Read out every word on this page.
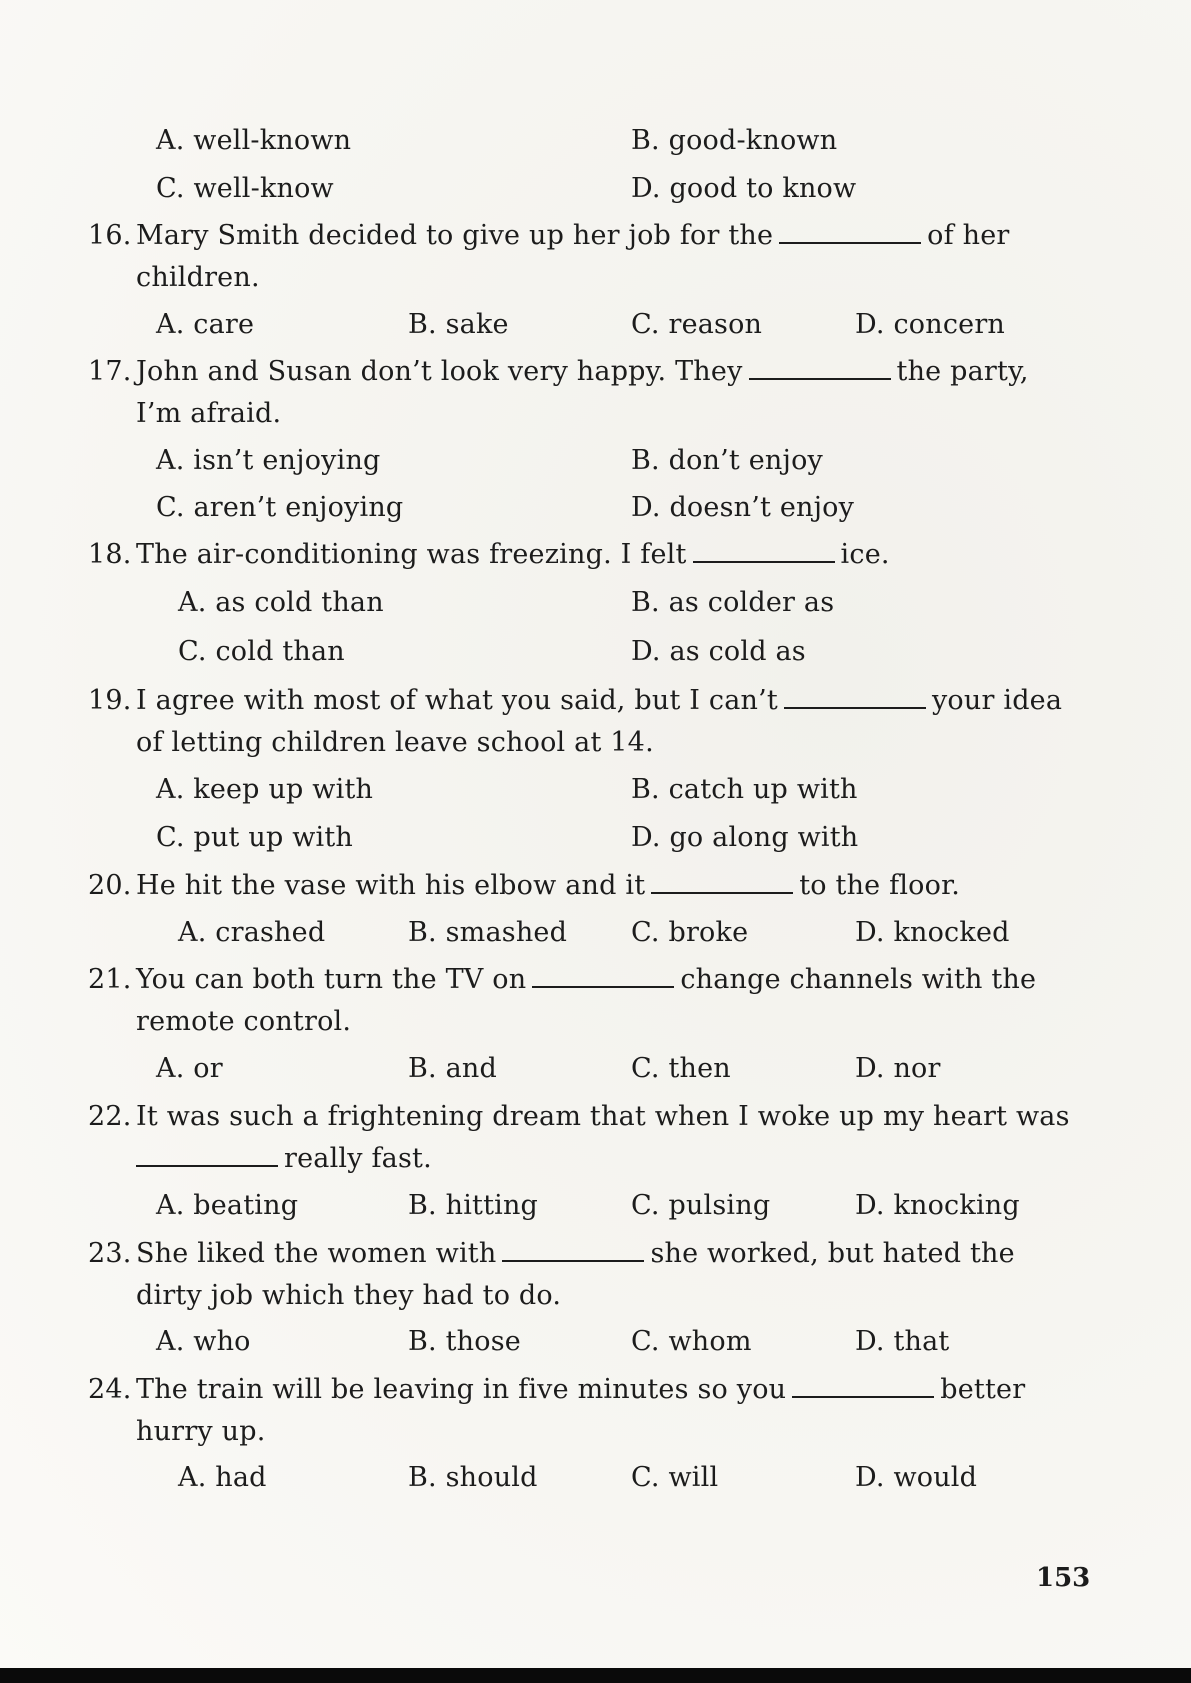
A. well-known	B. good-known
C. well-know	D. good to know
16. Mary Smith decided to give up her job for the	of her
children.
A. care	B. sake	C. reason	D. concern
17. John and Susan don’t look very happy. They	the party,
I’m afraid.
A. isn’t enjoying	B. don’t enjoy
C. aren’t enjoying	D. doesn’t enjoy
18. The air-conditioning was freezing. I felt	ice.
A. as cold than	B. as colder as
C. cold than	D. as cold as
19. I agree with most of what you said, but I can’t	your idea
of letting children leave school at 14.
A. keep up with	B. catch up with
C. put up with	D. go along with
20. He hit the vase with his elbow and it	to the floor.
A. crashed	B. smashed C. broke	D. knocked
21. You can both turn the TV on	change channels with the
remote control.
A. or	B. and	C. then	D. nor
22. It was such a frightening dream that when I woke up my heart was
really fast.
A. beating	B. hitting	C. pulsing	D. knocking
23. She liked the women with	she worked, but hated the
dirty job which they had to do.
A. who	B. those	C. whom	D. that
24. The train will be leaving in five minutes so you	better
hurry up.
A. had	B. should	C. will	D. would
153
